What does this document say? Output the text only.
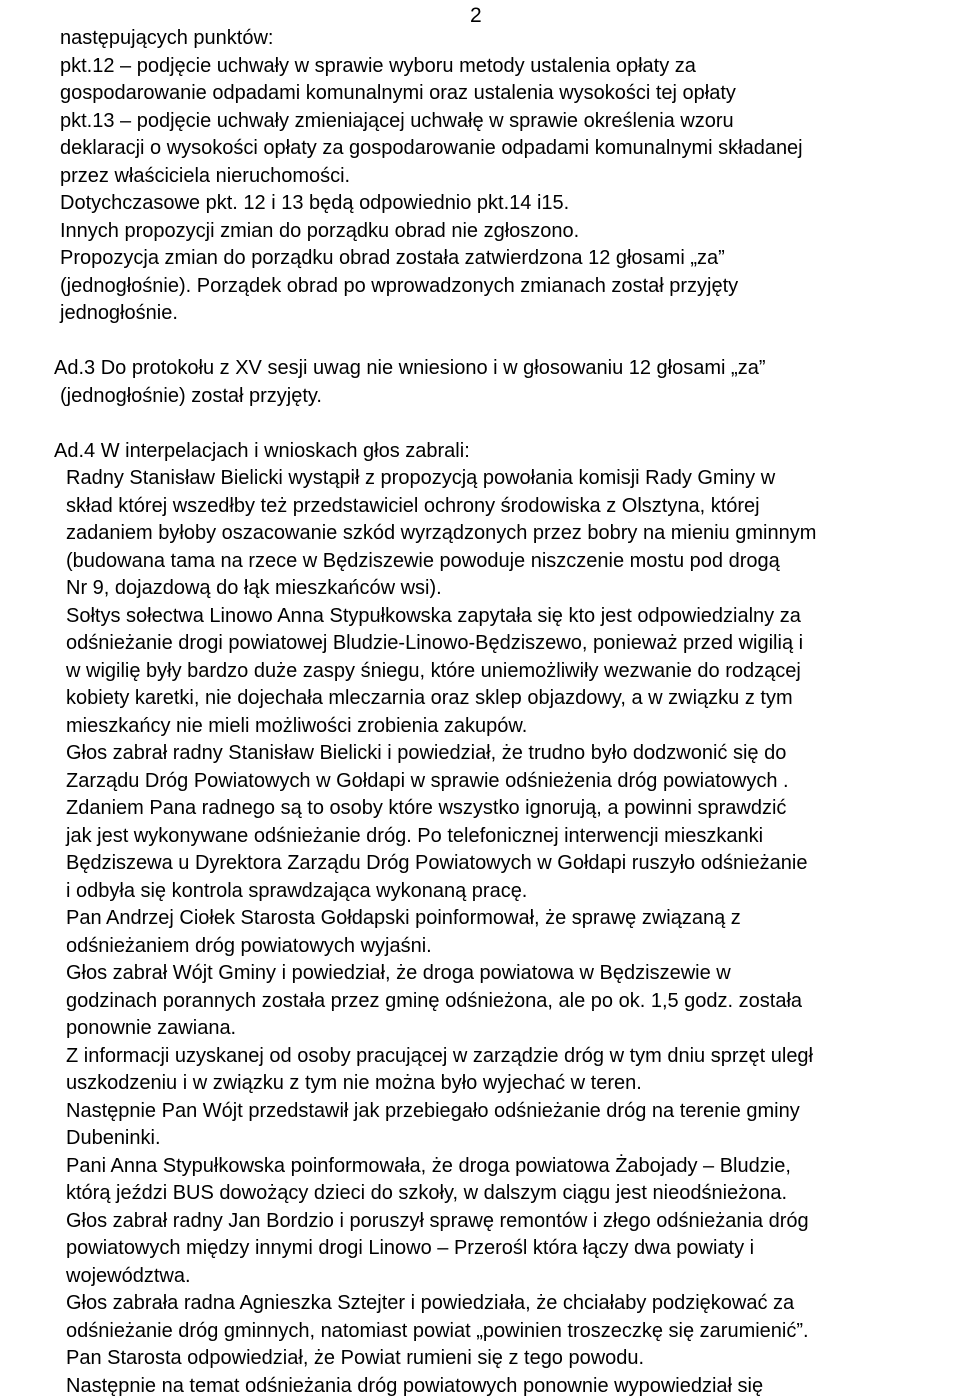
2
następujących punktów:
pkt.12 – podjęcie uchwały w sprawie wyboru metody ustalenia opłaty za
gospodarowanie odpadami komunalnymi oraz ustalenia wysokości tej opłaty
pkt.13 – podjęcie uchwały zmieniającej uchwałę w sprawie określenia wzoru
deklaracji o wysokości opłaty za gospodarowanie odpadami komunalnymi składanej
przez właściciela nieruchomości.
Dotychczasowe pkt. 12 i 13 będą odpowiednio pkt.14 i15.
Innych propozycji zmian do porządku obrad nie zgłoszono.
Propozycja zmian do porządku obrad została zatwierdzona 12 głosami „za”
(jednogłośnie). Porządek obrad po wprowadzonych zmianach został przyjęty
jednogłośnie.
Ad.3 Do protokołu z XV sesji uwag nie wniesiono i w głosowaniu 12 głosami „za”
(jednogłośnie) został przyjęty.
Ad.4 W interpelacjach i wnioskach głos zabrali:
Radny Stanisław Bielicki wystąpił z propozycją powołania komisji Rady Gminy w
skład której wszedłby też przedstawiciel ochrony środowiska z Olsztyna, której
zadaniem byłoby oszacowanie szkód wyrządzonych przez bobry na mieniu gminnym
(budowana tama na rzece w Będziszewie powoduje niszczenie mostu pod drogą
Nr 9, dojazdową do łąk mieszkańców wsi).
Sołtys sołectwa Linowo Anna Stypułkowska zapytała się kto jest odpowiedzialny za
odśnieżanie drogi powiatowej Bludzie-Linowo-Będziszewo, ponieważ przed wigilią i
w wigilię były bardzo duże zaspy śniegu, które uniemożliwiły wezwanie do rodzącej
kobiety karetki, nie dojechała mleczarnia oraz sklep objazdowy, a w związku z tym
mieszkańcy nie mieli możliwości zrobienia zakupów.
Głos zabrał radny Stanisław Bielicki i powiedział, że trudno było dodzwonić się do
Zarządu Dróg Powiatowych w Gołdapi w sprawie odśnieżenia dróg powiatowych .
Zdaniem Pana radnego są to osoby które wszystko ignorują, a powinni sprawdzić
jak jest wykonywane odśnieżanie dróg. Po telefonicznej interwencji mieszkanki
Będziszewa u Dyrektora Zarządu Dróg Powiatowych w Gołdapi ruszyło odśnieżanie
i odbyła się kontrola sprawdzająca wykonaną pracę.
Pan Andrzej Ciołek Starosta Gołdapski poinformował, że sprawę związaną z
odśnieżaniem dróg powiatowych wyjaśni.
Głos zabrał Wójt Gminy i powiedział, że droga powiatowa w Będziszewie w
godzinach porannych została przez gminę odśnieżona, ale po ok. 1,5 godz. została
ponownie zawiana.
Z informacji uzyskanej od osoby pracującej w zarządzie dróg w tym dniu sprzęt uległ
uszkodzeniu i w związku z tym nie można było wyjechać w teren.
Następnie Pan Wójt przedstawił jak przebiegało odśnieżanie dróg na terenie gminy
Dubeninki.
Pani Anna Stypułkowska poinformowała, że droga powiatowa Żabojady – Bludzie,
którą jeździ BUS dowożący dzieci do szkoły, w dalszym ciągu jest nieodśnieżona.
Głos zabrał radny Jan Bordzio i poruszył sprawę remontów i złego odśnieżania dróg
powiatowych między innymi drogi Linowo – Przerośl która łączy dwa powiaty i
województwa.
Głos zabrała radna Agnieszka Sztejter i powiedziała, że chciałaby podziękować za
odśnieżanie dróg gminnych, natomiast powiat „powinien troszeczkę się zarumienić”.
Pan Starosta odpowiedział, że Powiat rumieni się z tego powodu.
Następnie na temat odśnieżania dróg powiatowych ponownie wypowiedział się
